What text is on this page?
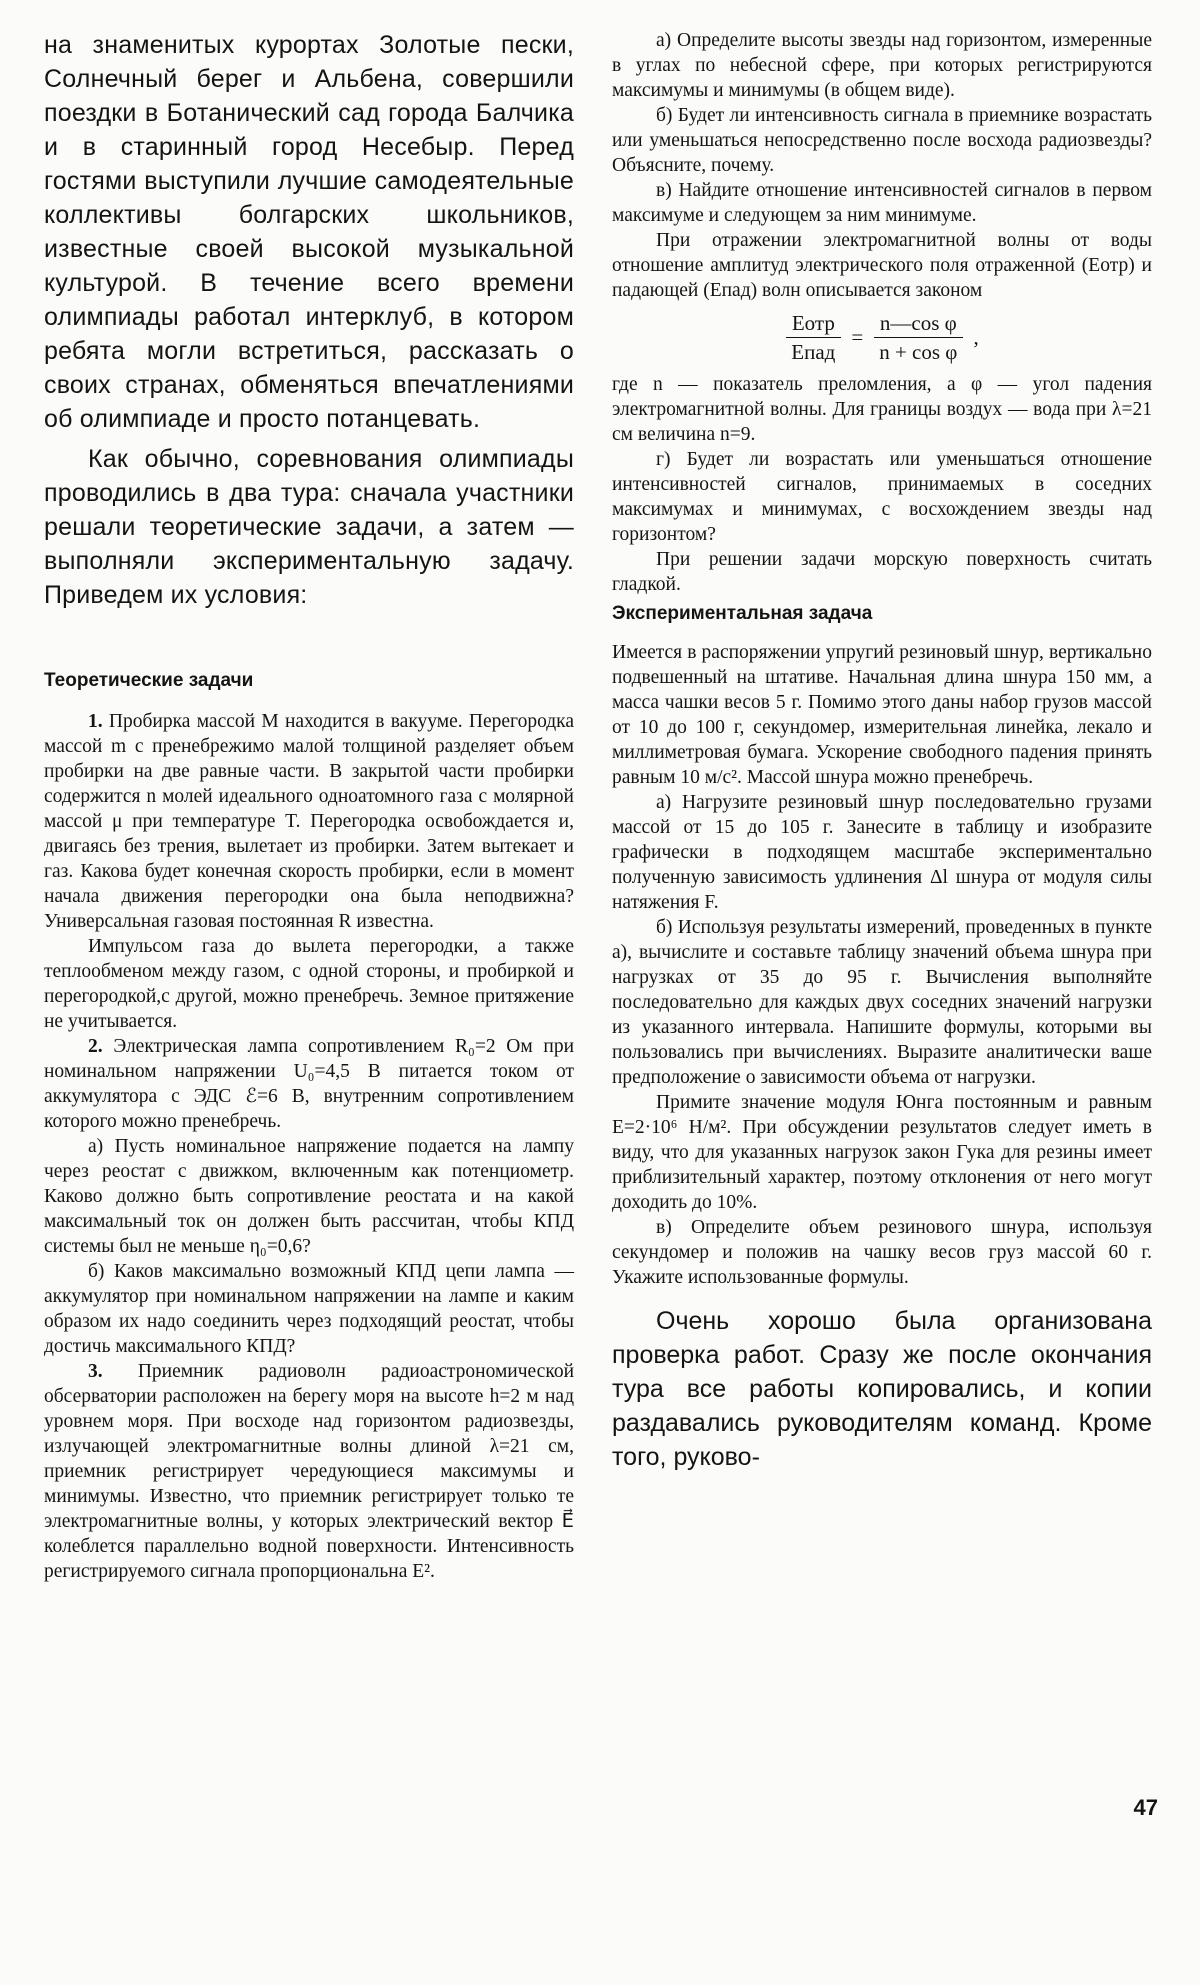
на знаменитых курортах Золотые пески, Солнечный берег и Альбена, совершили поездки в Ботанический сад города Балчика и в старинный город Несебыр. Перед гостями выступили лучшие самодеятельные коллективы болгарских школьников, известные своей высокой музыкальной культурой. В течение всего времени олимпиады работал интерклуб, в котором ребята могли встретиться, рассказать о своих странах, обменяться впечатлениями об олимпиаде и просто потанцевать.

Как обычно, соревнования олимпиады проводились в два тура: сначала участники решали теоретические задачи, а затем — выполняли экспериментальную задачу. Приведем их условия:

Теоретические задачи

1. Пробирка массой M находится в вакууме. Перегородка массой m с пренебрежимо малой толщиной разделяет объем пробирки на две равные части. В закрытой части пробирки содержится n молей идеального одноатомного газа с молярной массой μ при температуре T. Перегородка освобождается и, двигаясь без трения, вылетает из пробирки. Затем вытекает и газ. Какова будет конечная скорость пробирки, если в момент начала движения перегородки она была неподвижна? Универсальная газовая постоянная R известна.

Импульсом газа до вылета перегородки, а также теплообменом между газом, с одной стороны, и пробиркой и перегородкой,с другой, можно пренебречь. Земное притяжение не учитывается.

2. Электрическая лампа сопротивлением R₀=2 Ом при номинальном напряжении U₀=4,5 В питается током от аккумулятора с ЭДС ℰ=6 В, внутренним сопротивлением которого можно пренебречь.

а) Пусть номинальное напряжение подается на лампу через реостат с движком, включенным как потенциометр. Каково должно быть сопротивление реостата и на какой максимальный ток он должен быть рассчитан, чтобы КПД системы был не меньше η₀=0,6?

б) Каков максимально возможный КПД цепи лампа — аккумулятор при номинальном напряжении на лампе и каким образом их надо соединить через подходящий реостат, чтобы достичь максимального КПД?

3. Приемник радиоволн радиоастрономической обсерватории расположен на берегу моря на высоте h=2 м над уровнем моря. При восходе над горизонтом радиозвезды, излучающей электромагнитные волны длиной λ=21 см, приемник регистрирует чередующиеся максимумы и минимумы. Известно, что приемник регистрирует только те электромагнитные волны, у которых электрический вектор E⃗ колеблется параллельно водной поверхности. Интенсивность регистрируемого сигнала пропорциональна E².

а) Определите высоты звезды над горизонтом, измеренные в углах по небесной сфере, при которых регистрируются максимумы и минимумы (в общем виде).

б) Будет ли интенсивность сигнала в приемнике возрастать или уменьшаться непосредственно после восхода радиозвезды? Объясните, почему.

в) Найдите отношение интенсивностей сигналов в первом максимуме и следующем за ним минимуме.

При отражении электромагнитной волны от воды отношение амплитуд электрического поля отраженной (Eотр) и падающей (Eпад) волн описывается законом

$\frac{\text{Eотр}}{\text{Eпад}} = \frac{\text{n—cos φ}}{\text{n + cos φ}}$ ,

где n — показатель преломления, а φ — угол падения электромагнитной волны. Для границы воздух — вода при λ=21 см величина n=9.

г) Будет ли возрастать или уменьшаться отношение интенсивностей сигналов, принимаемых в соседних максимумах и минимумах, с восхождением звезды над горизонтом?

При решении задачи морскую поверхность считать гладкой.

Экспериментальная задача

Имеется в распоряжении упругий резиновый шнур, вертикально подвешенный на штативе. Начальная длина шнура 150 мм, а масса чашки весов 5 г. Помимо этого даны набор грузов массой от 10 до 100 г, секундомер, измерительная линейка, лекало и миллиметровая бумага. Ускорение свободного падения принять равным 10 м/с². Массой шнура можно пренебречь.

а) Нагрузите резиновый шнур последовательно грузами массой от 15 до 105 г. Занесите в таблицу и изобразите графически в подходящем масштабе экспериментально полученную зависимость удлинения Δl шнура от модуля силы натяжения F.

б) Используя результаты измерений, проведенных в пункте а), вычислите и составьте таблицу значений объема шнура при нагрузках от 35 до 95 г. Вычисления выполняйте последовательно для каждых двух соседних значений нагрузки из указанного интервала. Напишите формулы, которыми вы пользовались при вычислениях. Выразите аналитически ваше предположение о зависимости объема от нагрузки.

Примите значение модуля Юнга постоянным и равным E=2·10⁶ Н/м². При обсуждении результатов следует иметь в виду, что для указанных нагрузок закон Гука для резины имеет приблизительный характер, поэтому отклонения от него могут доходить до 10%.

в) Определите объем резинового шнура, используя секундомер и положив на чашку весов груз массой 60 г. Укажите использованные формулы.

Очень хорошо была организована проверка работ. Сразу же после окончания тура все работы копировались, и копии раздавались руководителям команд. Кроме того, руково-

47
